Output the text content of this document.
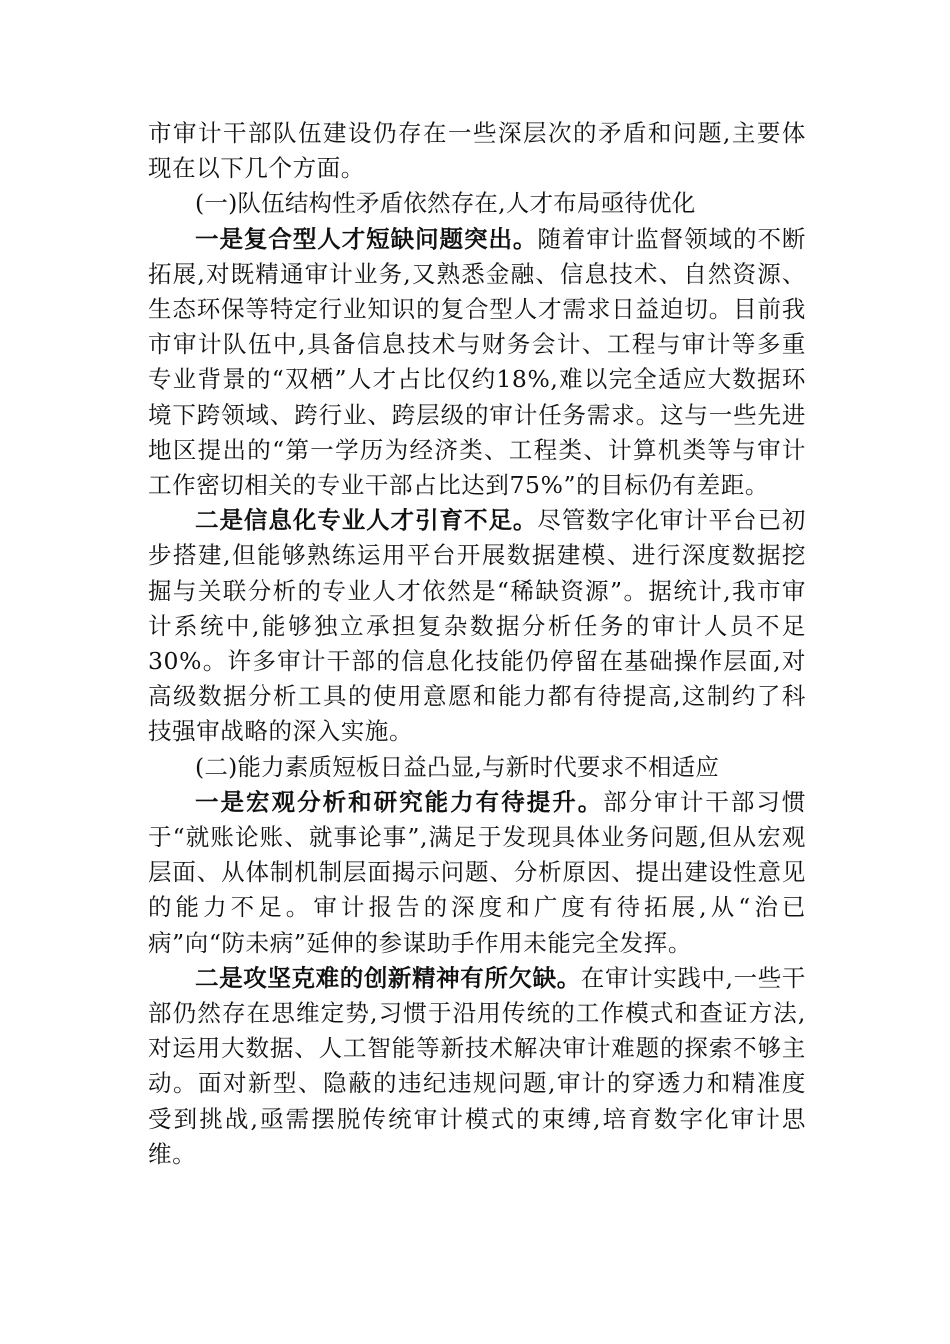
市审计干部队伍建设仍存在一些深层次的矛盾和问题,主要体现在以下几个方面。

(一)队伍结构性矛盾依然存在,人才布局亟待优化

一是复合型人才短缺问题突出。随着审计监督领域的不断拓展,对既精通审计业务,又熟悉金融、信息技术、自然资源、生态环保等特定行业知识的复合型人才需求日益迫切。目前我市审计队伍中,具备信息技术与财务会计、工程与审计等多重专业背景的“双栖”人才占比仅约18%,难以完全适应大数据环境下跨领域、跨行业、跨层级的审计任务需求。这与一些先进地区提出的“第一学历为经济类、工程类、计算机类等与审计工作密切相关的专业干部占比达到75%”的目标仍有差距。

二是信息化专业人才引育不足。尽管数字化审计平台已初步搭建,但能够熟练运用平台开展数据建模、进行深度数据挖掘与关联分析的专业人才依然是“稀缺资源”。据统计,我市审计系统中,能够独立承担复杂数据分析任务的审计人员不足30%。许多审计干部的信息化技能仍停留在基础操作层面,对高级数据分析工具的使用意愿和能力都有待提高,这制约了科技强审战略的深入实施。

(二)能力素质短板日益凸显,与新时代要求不相适应

一是宏观分析和研究能力有待提升。部分审计干部习惯于“就账论账、就事论事”,满足于发现具体业务问题,但从宏观层面、从体制机制层面揭示问题、分析原因、提出建设性意见的能力不足。审计报告的深度和广度有待拓展,从“治已病”向“防未病”延伸的参谋助手作用未能完全发挥。

二是攻坚克难的创新精神有所欠缺。在审计实践中,一些干部仍然存在思维定势,习惯于沿用传统的工作模式和查证方法,对运用大数据、人工智能等新技术解决审计难题的探索不够主动。面对新型、隐蔽的违纪违规问题,审计的穿透力和精准度受到挑战,亟需摆脱传统审计模式的束缚,培育数字化审计思维。
